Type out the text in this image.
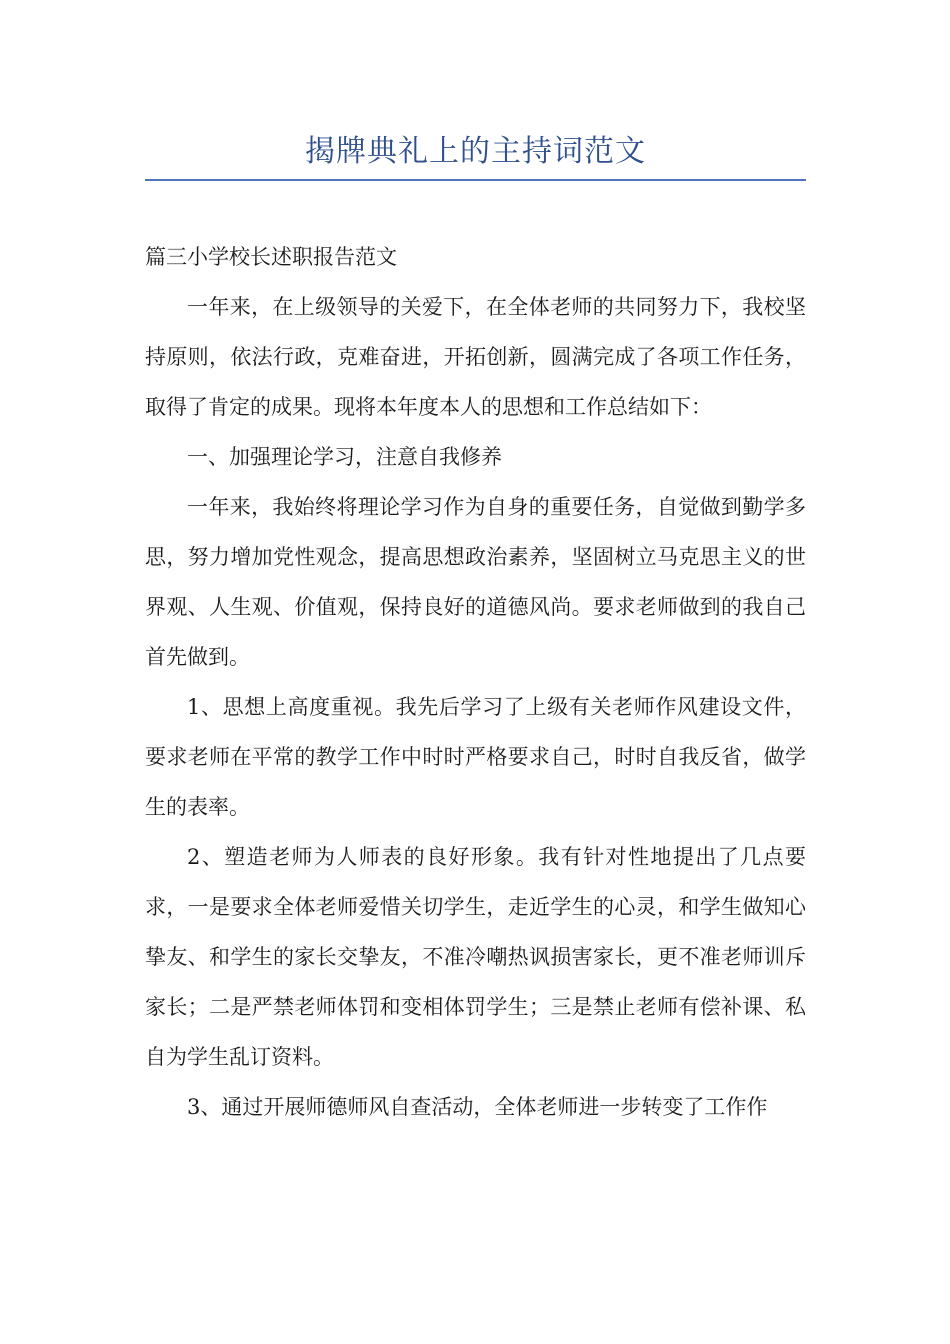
揭牌典礼上的主持词范文

篇三小学校长述职报告范文

一年来，在上级领导的关爱下，在全体老师的共同努力下，我校坚持原则，依法行政，克难奋进，开拓创新，圆满完成了各项工作任务，取得了肯定的成果。现将本年度本人的思想和工作总结如下：

一、加强理论学习，注意自我修养

一年来，我始终将理论学习作为自身的重要任务，自觉做到勤学多思，努力增加党性观念，提高思想政治素养，坚固树立马克思主义的世界观、人生观、价值观，保持良好的道德风尚。要求老师做到的我自己首先做到。

1、思想上高度重视。我先后学习了上级有关老师作风建设文件，要求老师在平常的教学工作中时时严格要求自己，时时自我反省，做学生的表率。

2、塑造老师为人师表的良好形象。我有针对性地提出了几点要求，一是要求全体老师爱惜关切学生，走近学生的心灵，和学生做知心挚友、和学生的家长交挚友，不准冷嘲热讽损害家长，更不准老师训斥家长；二是严禁老师体罚和变相体罚学生；三是禁止老师有偿补课、私自为学生乱订资料。

3、通过开展师德师风自查活动，全体老师进一步转变了工作作
